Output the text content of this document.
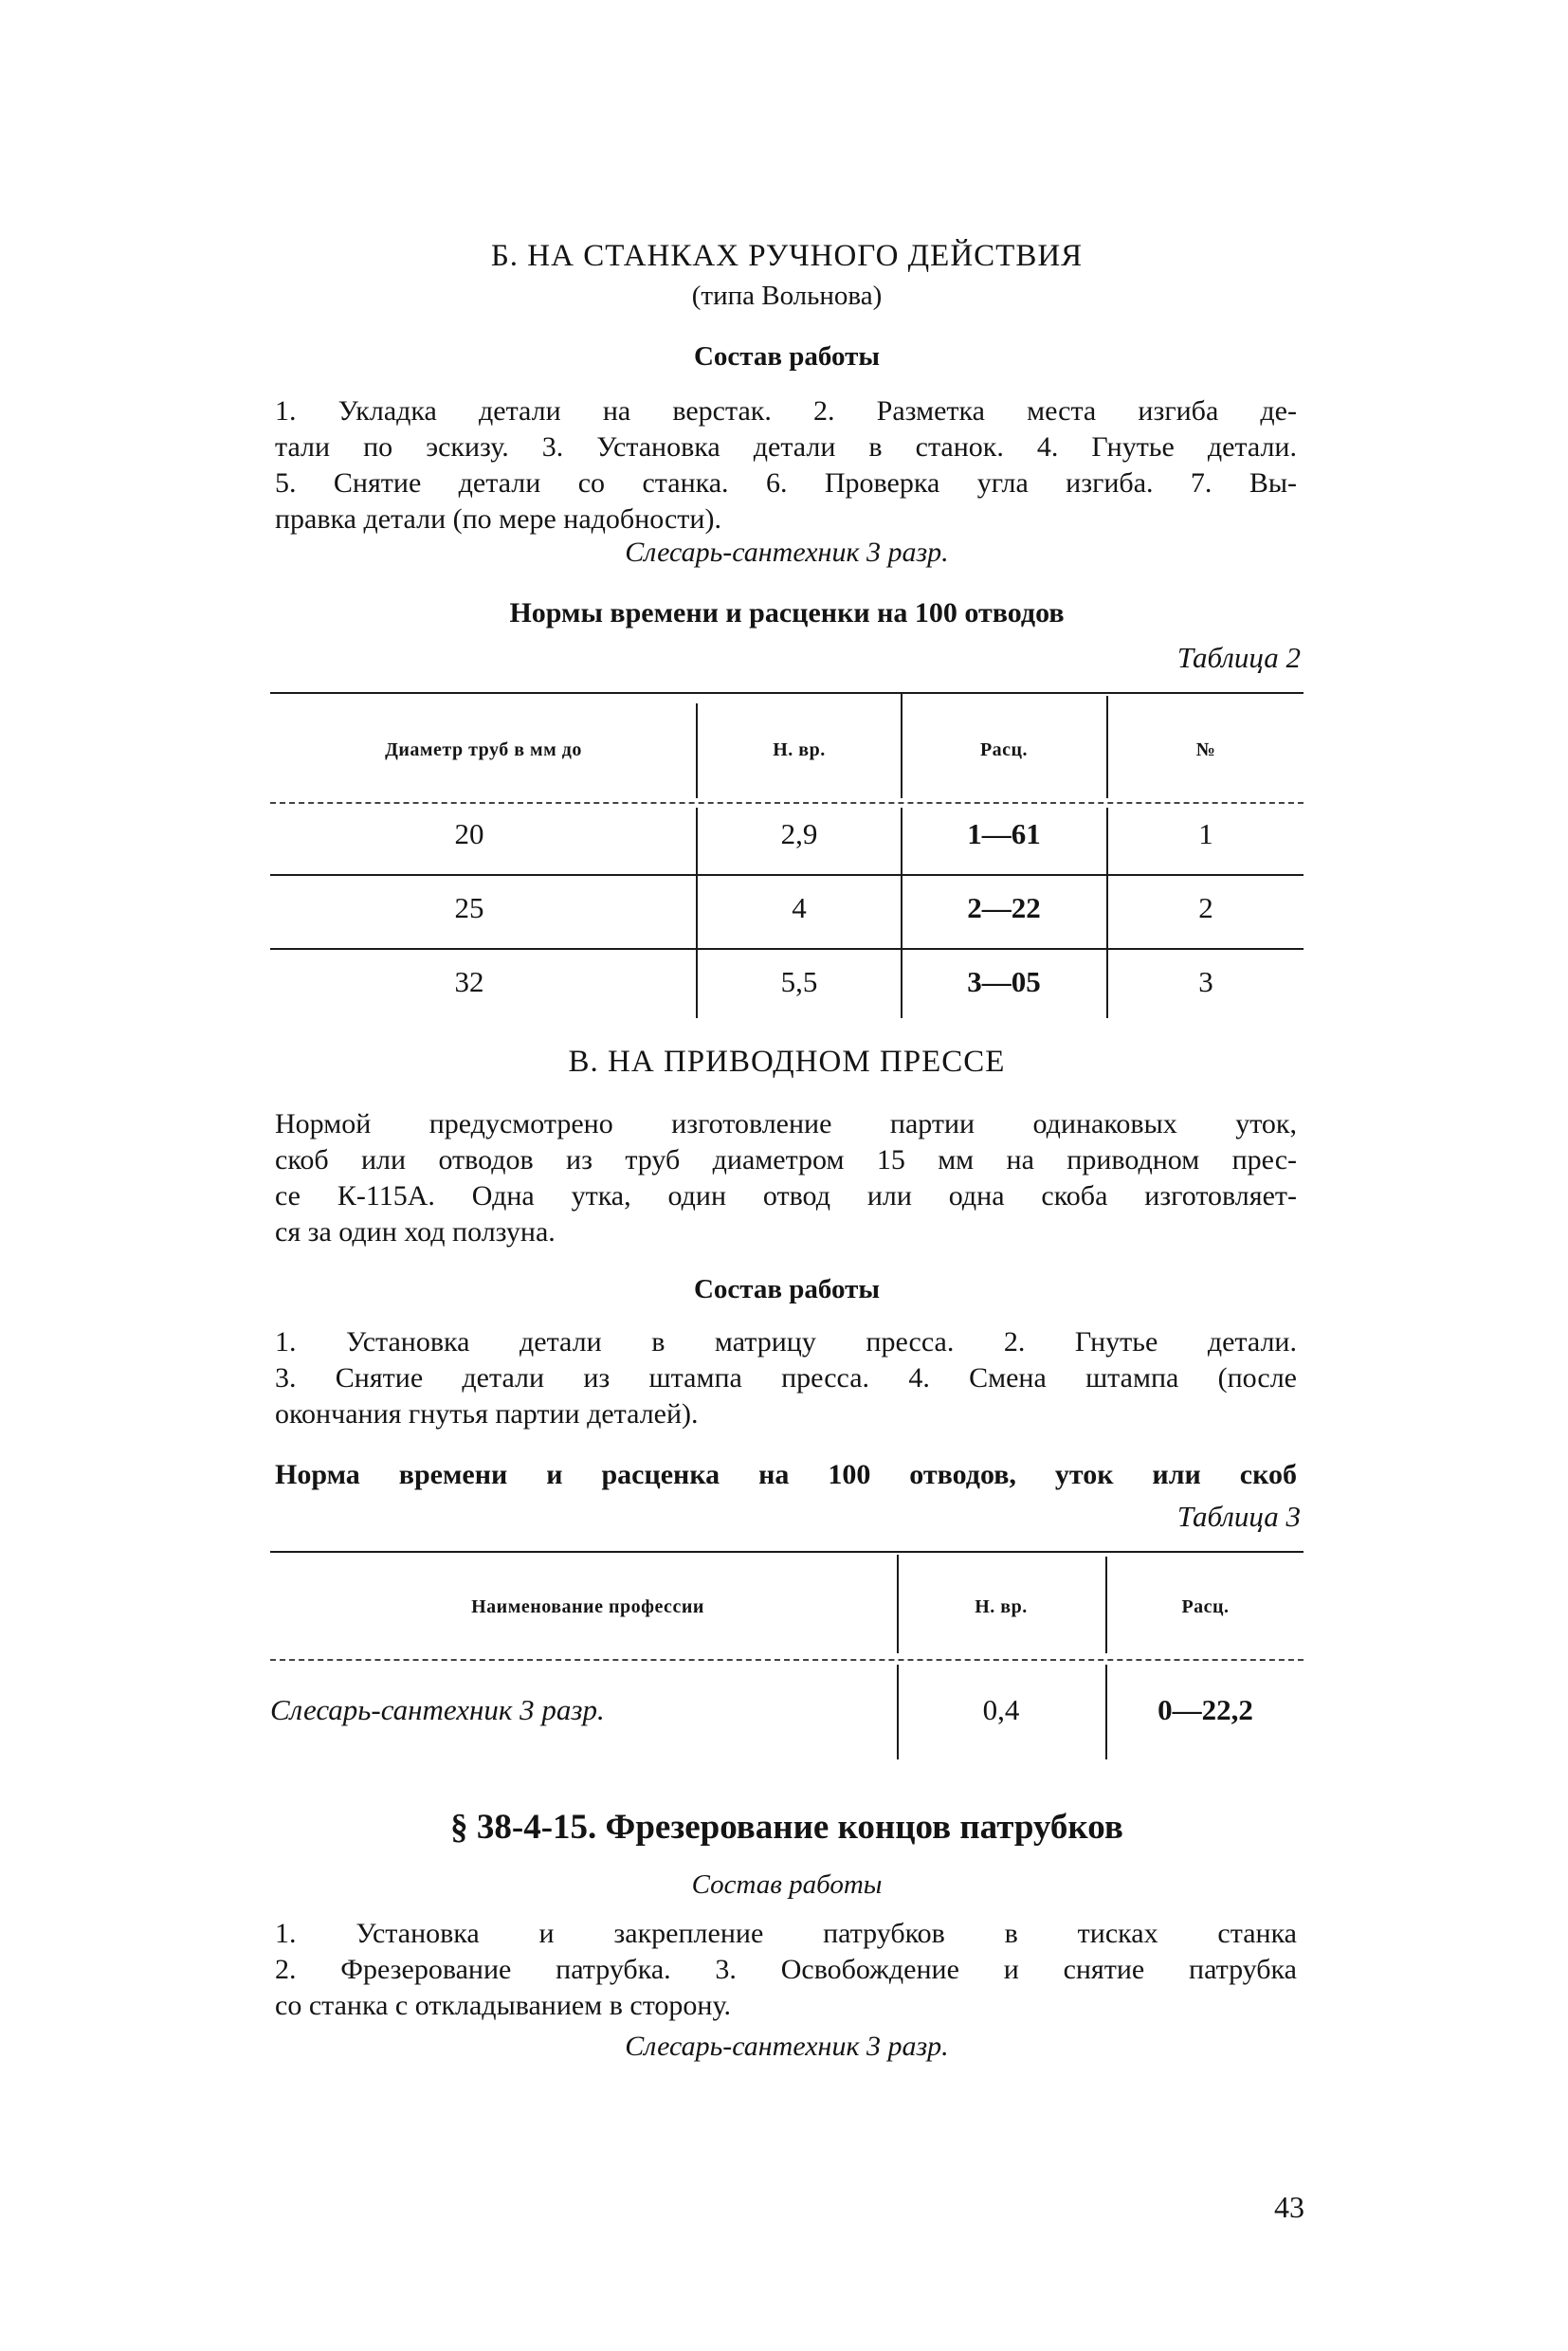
Б. НА СТАНКАХ РУЧНОГО ДЕЙСТВИЯ
(типа Вольнова)
Состав работы
1. Укладка детали на верстак. 2. Разметка места изгиба де-
тали по эскизу. 3. Установка детали в станок. 4. Гнутье детали.
5. Снятие детали со станка. 6. Проверка угла изгиба. 7. Вы-
правка детали (по мере надобности).
Слесарь-сантехник 3 разр.
Нормы времени и расценки на 100 отводов
Таблица 2
Диаметр труб в мм до	Н. вр.	Расц.	№
20	2,9	1—61	1
25	4	2—22	2
32	5,5	3—05	3
В. НА ПРИВОДНОМ ПРЕССЕ
Нормой предусмотрено изготовление партии одинаковых уток,
скоб или отводов из труб диаметром 15 мм на приводном прес-
се К-115А. Одна утка, один отвод или одна скоба изготовляет-
ся за один ход ползуна.
Состав работы
1. Установка детали в матрицу пресса. 2. Гнутье детали.
3. Снятие детали из штампа пресса. 4. Смена штампа (после
окончания гнутья партии деталей).
Норма времени и расценка на 100 отводов, уток или скоб
Таблица 3
Наименование профессии	Н. вр.	Расц.
Слесарь-сантехник 3 разр.	0,4	0—22,2
§ 38-4-15. Фрезерование концов патрубков
Состав работы
1. Установка и закрепление патрубков в тисках станка
2. Фрезерование патрубка. 3. Освобождение и снятие патрубка
со станка с откладыванием в сторону.
Слесарь-сантехник 3 разр.
43
